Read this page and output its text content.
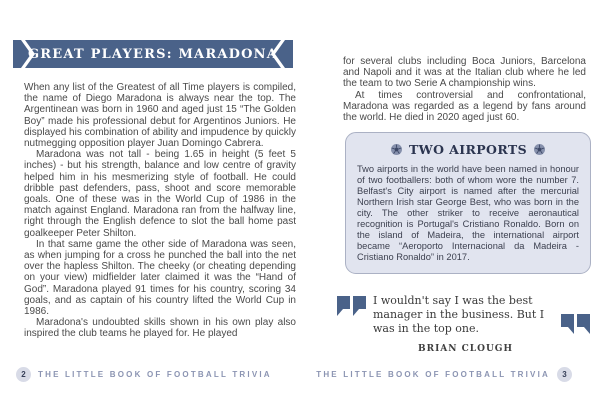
GREAT PLAYERS: MARADONA

When any list of the Greatest of all Time players is compiled, the name of Diego Maradona is always near the top. The Argentinean was born in 1960 and aged just 15 “The Golden Boy” made his professional debut for Argentinos Juniors. He displayed his combination of ability and impudence by quickly nutmegging opposition player Juan Domingo Cabrera.

Maradona was not tall - being 1.65 in height (5 feet 5 inches) - but his strength, balance and low centre of gravity helped him in his mesmerizing style of football. He could dribble past defenders, pass, shoot and score memorable goals. One of these was in the World Cup of 1986 in the match against England. Maradona ran from the halfway line, right through the English defence to slot the ball home past goalkeeper Peter Shilton.

In that same game the other side of Maradona was seen, as when jumping for a cross he punched the ball into the net over the hapless Shilton. The cheeky (or cheating depending on your view) midfielder later claimed it was the “Hand of God”. Maradona played 91 times for his country, scoring 34 goals, and as captain of his country lifted the World Cup in 1986.

Maradona's undoubted skills shown in his own play also inspired the club teams he played for. He played

2	THE LITTLE BOOK OF FOOTBALL TRIVIA

for several clubs including Boca Juniors, Barcelona and Napoli and it was at the Italian club where he led the team to two Serie A championship wins.

At times controversial and confrontational, Maradona was regarded as a legend by fans around the world. He died in 2020 aged just 60.

TWO AIRPORTS
Two airports in the world have been named in honour of two footballers: both of whom wore the number 7. Belfast's City airport is named after the mercurial Northern Irish star George Best, who was born in the city. The other striker to receive aeronautical recognition is Portugal's Cristiano Ronaldo. Born on the island of Madeira, the international airport became “Aeroporto Internacional da Madeira - Cristiano Ronaldo” in 2017.
I wouldn't say I was the best manager in the business. But I was in the top one.
BRIAN CLOUGH
THE LITTLE BOOK OF FOOTBALL TRIVIA	3
